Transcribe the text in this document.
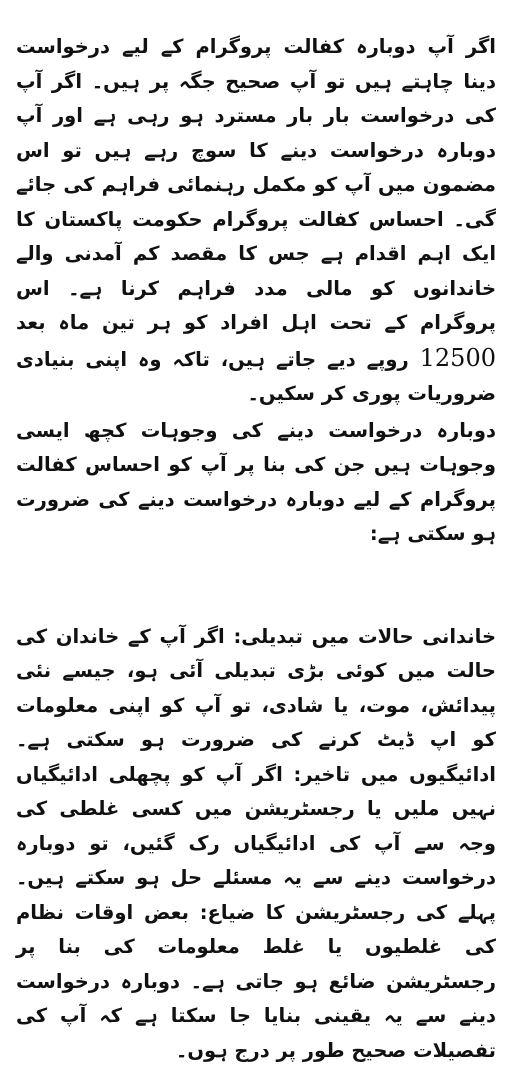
اگر آپ دوبارہ کفالت پروگرام کے لیے درخواست دینا چاہتے ہیں تو آپ صحیح جگہ پر ہیں۔ اگر آپ کی درخواست بار بار مسترد ہو رہی ہے اور آپ دوبارہ درخواست دینے کا سوچ رہے ہیں تو اس مضمون میں آپ کو مکمل رہنمائی فراہم کی جائے گی۔ احساس کفالت پروگرام حکومت پاکستان کا ایک اہم اقدام ہے جس کا مقصد کم آمدنی والے خاندانوں کو مالی مدد فراہم کرنا ہے۔ اس پروگرام کے تحت اہل افراد کو ہر تین ماہ بعد 12500 روپے دیے جاتے ہیں، تاکہ وہ اپنی بنیادی ضروریات پوری کر سکیں۔

دوبارہ درخواست دینے کی وجوہات کچھ ایسی وجوہات ہیں جن کی بنا پر آپ کو احساس کفالت پروگرام کے لیے دوبارہ درخواست دینے کی ضرورت ہو سکتی ہے:

خاندانی حالات میں تبدیلی: اگر آپ کے خاندان کی حالت میں کوئی بڑی تبدیلی آئی ہو، جیسے نئی پیدائش، موت، یا شادی، تو آپ کو اپنی معلومات کو اپ ڈیٹ کرنے کی ضرورت ہو سکتی ہے۔ ادائیگیوں میں تاخیر: اگر آپ کو پچھلی ادائیگیاں نہیں ملیں یا رجسٹریشن میں کسی غلطی کی وجہ سے آپ کی ادائیگیاں رک گئیں، تو دوبارہ درخواست دینے سے یہ مسئلے حل ہو سکتے ہیں۔ پہلے کی رجسٹریشن کا ضیاع: بعض اوقات نظام کی غلطیوں یا غلط معلومات کی بنا پر رجسٹریشن ضائع ہو جاتی ہے۔ دوبارہ درخواست دینے سے یہ یقینی بنایا جا سکتا ہے کہ آپ کی تفصیلات صحیح طور پر درج ہوں۔
